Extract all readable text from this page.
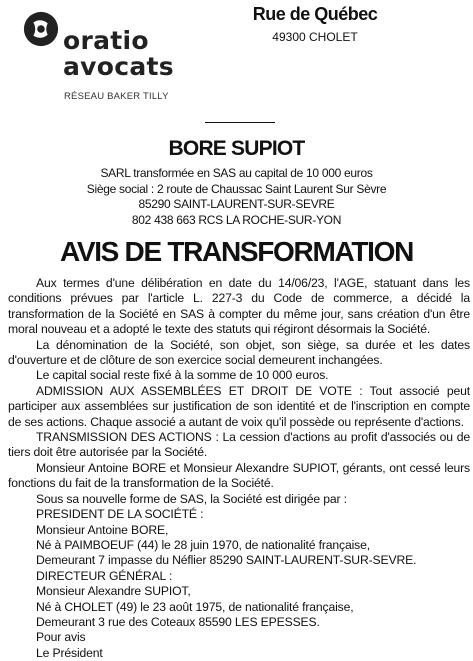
oratio
avocats
RÉSEAU BAKER TILLY
Rue de Québec
49300 CHOLET
BORE SUPIOT
SARL transformée en SAS au capital de 10 000 euros
Siège social : 2 route de Chaussac Saint Laurent Sur Sèvre
85290 SAINT-LAURENT-SUR-SEVRE
802 438 663 RCS LA ROCHE-SUR-YON
AVIS DE TRANSFORMATION

Aux termes d'une délibération en date du 14/06/23, l'AGE, statuant dans les conditions prévues par l'article L. 227-3 du Code de commerce, a décidé la transformation de la Société en SAS à compter du même jour, sans création d'un être moral nouveau et a adopté le texte des statuts qui régiront désormais la Société.

La dénomination de la Société, son objet, son siège, sa durée et les dates d'ouverture et de clôture de son exercice social demeurent inchangées.

Le capital social reste fixé à la somme de 10 000 euros.

ADMISSION AUX ASSEMBLÉES ET DROIT DE VOTE : Tout associé peut participer aux assemblées sur justification de son identité et de l'inscription en compte de ses actions. Chaque associé a autant de voix qu'il possède ou représente d'actions.

TRANSMISSION DES ACTIONS : La cession d'actions au profit d'associés ou de tiers doit être autorisée par la Société.

Monsieur Antoine BORE et Monsieur Alexandre SUPIOT, gérants, ont cessé leurs fonctions du fait de la transformation de la Société.

Sous sa nouvelle forme de SAS, la Société est dirigée par :

PRESIDENT DE LA SOCIÉTÉ :

Monsieur Antoine BORE,

Né à PAIMBOEUF (44) le 28 juin 1970, de nationalité française,

Demeurant 7 impasse du Néflier 85290 SAINT-LAURENT-SUR-SEVRE.

DIRECTEUR GÉNÉRAL :

Monsieur Alexandre SUPIOT,

Né à CHOLET (49) le 23 août 1975, de nationalité française,

Demeurant 3 rue des Coteaux 85590 LES EPESSES.

Pour avis

Le Président
